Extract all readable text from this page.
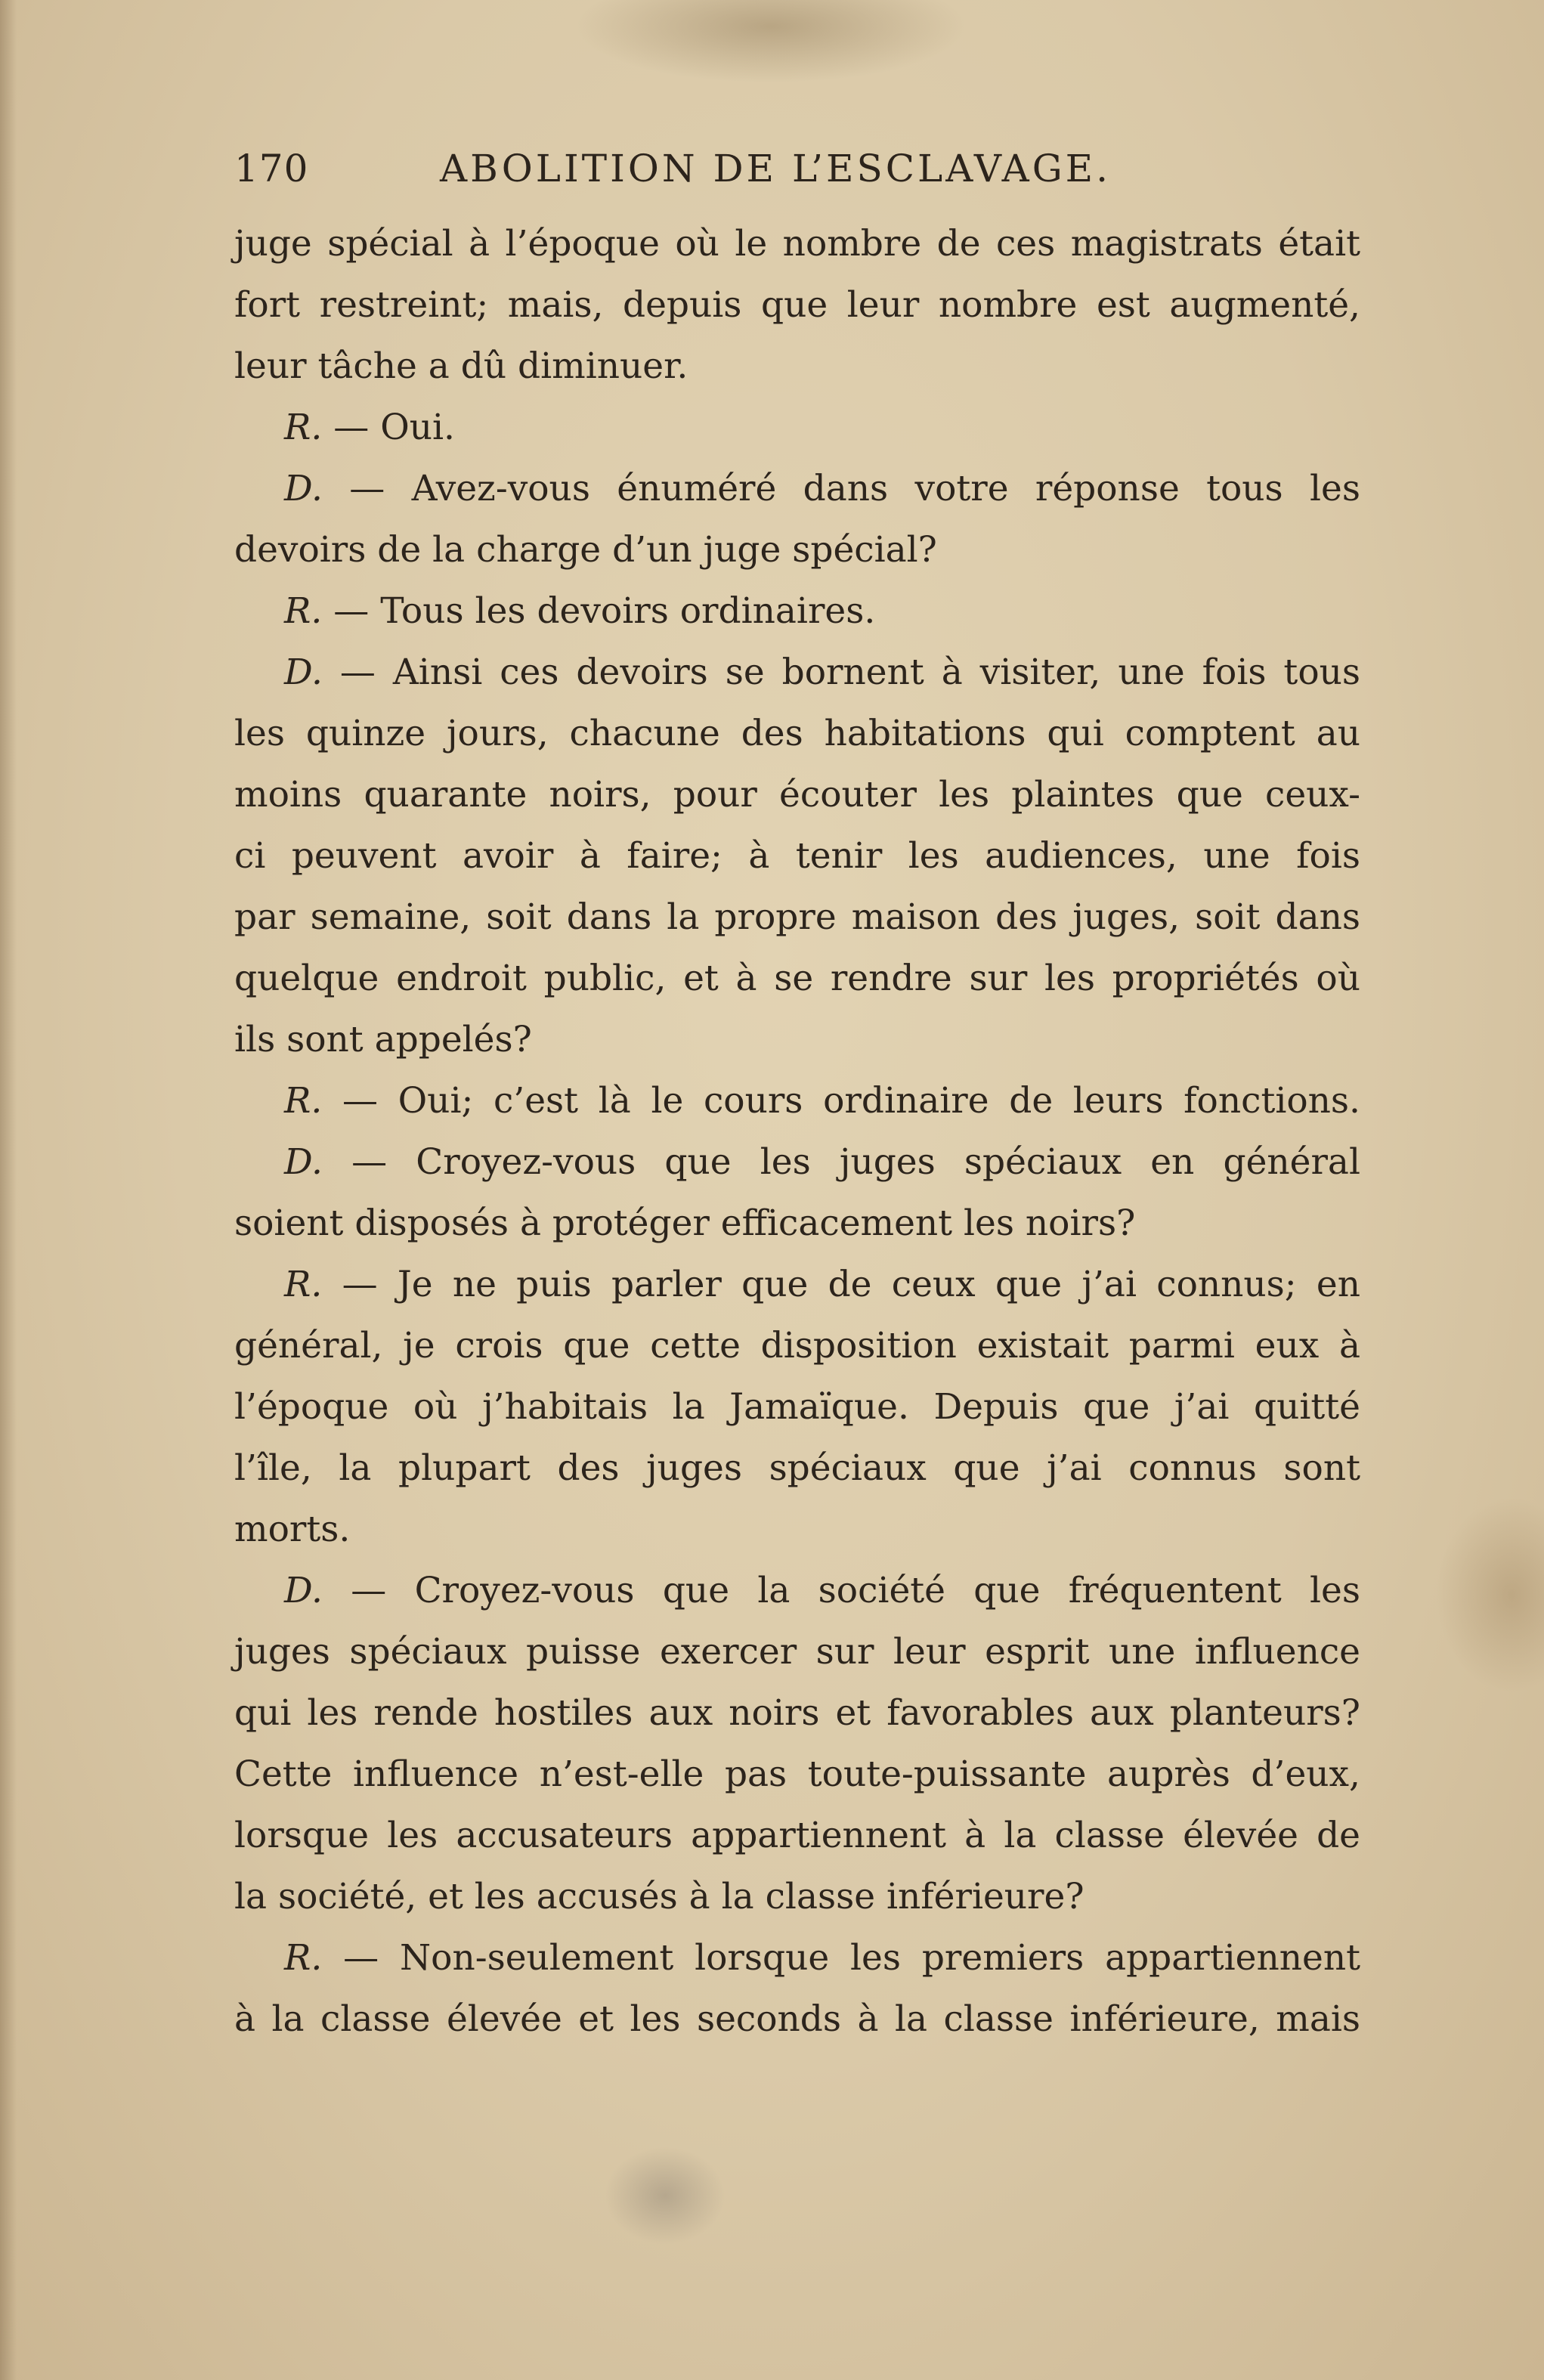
170	ABOLITION DE L’ESCLAVAGE.
juge spécial à l’époque où le nombre de ces magistrats était
fort restreint; mais, depuis que leur nombre est augmenté,
leur tâche a dû diminuer.
R. — Oui.
D. — Avez-vous énuméré dans votre réponse tous les
devoirs de la charge d’un juge spécial?
R. — Tous les devoirs ordinaires.
D. — Ainsi ces devoirs se bornent à visiter, une fois tous
les quinze jours, chacune des habitations qui comptent au
moins quarante noirs, pour écouter les plaintes que ceux-
ci peuvent avoir à faire; à tenir les audiences, une fois
par semaine, soit dans la propre maison des juges, soit dans
quelque endroit public, et à se rendre sur les propriétés où
ils sont appelés?
R. — Oui; c’est là le cours ordinaire de leurs fonctions.
D. — Croyez-vous que les juges spéciaux en général
soient disposés à protéger efficacement les noirs?
R. — Je ne puis parler que de ceux que j’ai connus; en
général, je crois que cette disposition existait parmi eux à
l’époque où j’habitais la Jamaïque. Depuis que j’ai quitté
l’île, la plupart des juges spéciaux que j’ai connus sont
morts.
D. — Croyez-vous que la société que fréquentent les
juges spéciaux puisse exercer sur leur esprit une influence
qui les rende hostiles aux noirs et favorables aux planteurs?
Cette influence n’est-elle pas toute-puissante auprès d’eux,
lorsque les accusateurs appartiennent à la classe élevée de
la société, et les accusés à la classe inférieure?
R. — Non-seulement lorsque les premiers appartiennent
à la classe élevée et les seconds à la classe inférieure, mais
